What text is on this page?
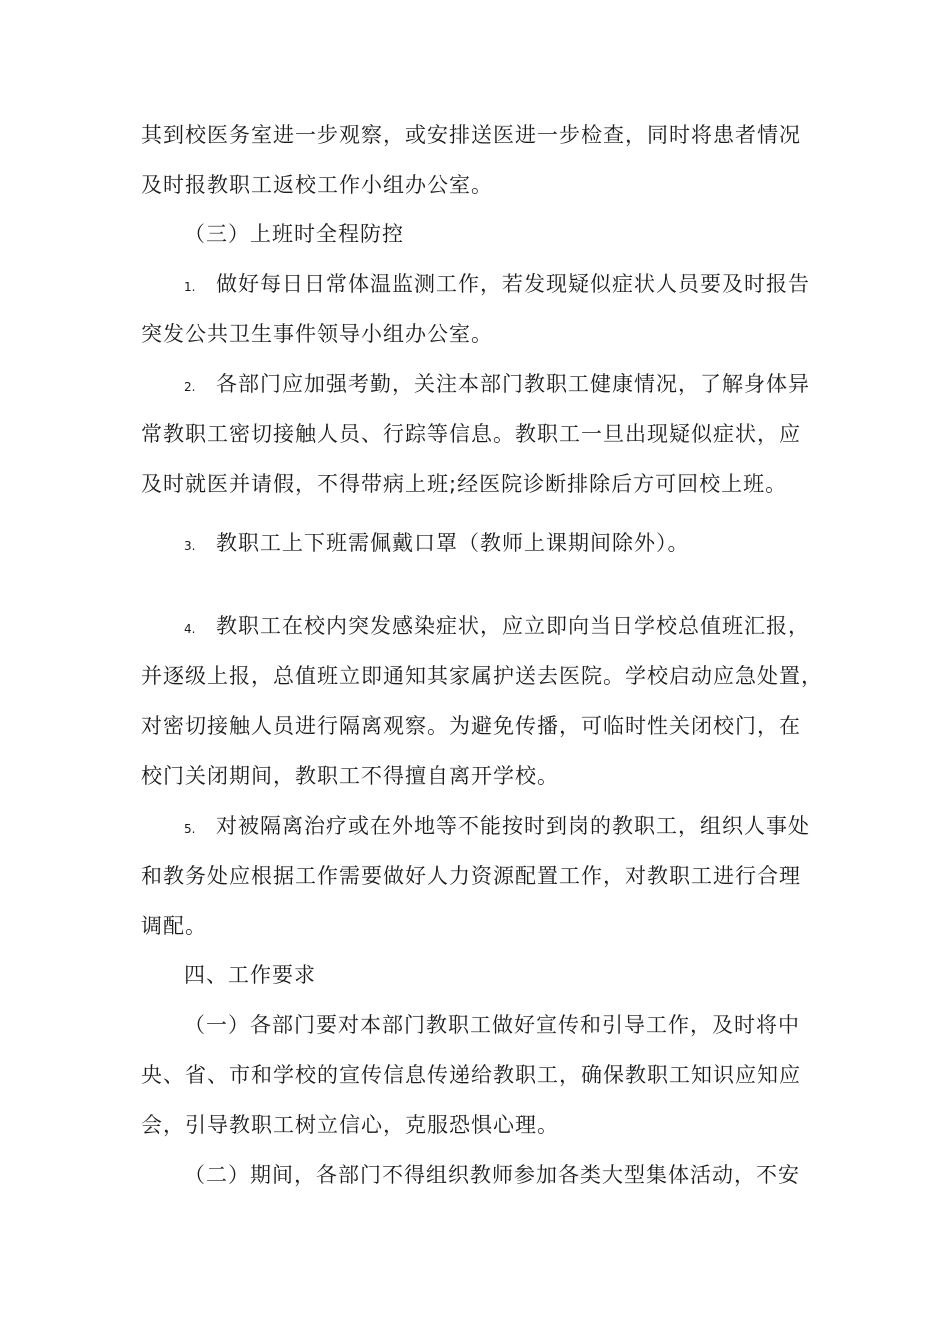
其到校医务室进一步观察，或安排送医进一步检查，同时将患者情况
及时报教职工返校工作小组办公室。
（三）上班时全程防控
1. 做好每日日常体温监测工作，若发现疑似症状人员要及时报告
突发公共卫生事件领导小组办公室。
2. 各部门应加强考勤，关注本部门教职工健康情况，了解身体异
常教职工密切接触人员、行踪等信息。教职工一旦出现疑似症状，应
及时就医并请假，不得带病上班;经医院诊断排除后方可回校上班。
3. 教职工上下班需佩戴口罩（教师上课期间除外）。
4. 教职工在校内突发感染症状，应立即向当日学校总值班汇报，
并逐级上报，总值班立即通知其家属护送去医院。学校启动应急处置，
对密切接触人员进行隔离观察。为避免传播，可临时性关闭校门，在
校门关闭期间，教职工不得擅自离开学校。
5. 对被隔离治疗或在外地等不能按时到岗的教职工，组织人事处
和教务处应根据工作需要做好人力资源配置工作，对教职工进行合理
调配。
四、工作要求
（一）各部门要对本部门教职工做好宣传和引导工作，及时将中
央、省、市和学校的宣传信息传递给教职工，确保教职工知识应知应
会，引导教职工树立信心，克服恐惧心理。
（二）期间，各部门不得组织教师参加各类大型集体活动，不安
